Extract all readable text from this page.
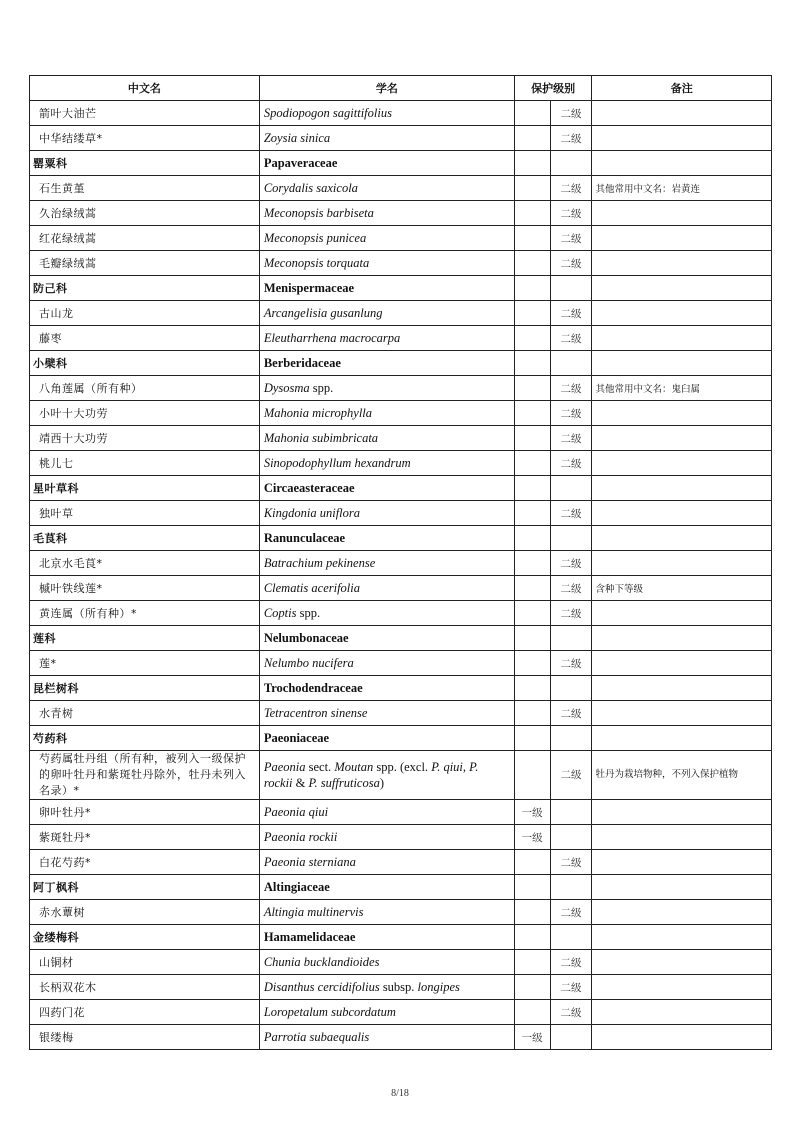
中文名	学名	保护级别		备注
箭叶大油芒	Spodiopogon sagittifolius		二级	
中华结缕草*	Zoysia sinica		二级	
罂粟科	Papaveraceae			
石生黄堇	Corydalis saxicola		二级	其他常用中文名：岩黄连
久治绿绒蒿	Meconopsis barbiseta		二级	
红花绿绒蒿	Meconopsis punicea		二级	
毛瓣绿绒蒿	Meconopsis torquata		二级	
防己科	Menispermaceae			
古山龙	Arcangelisia gusanlung		二级	
藤枣	Eleutharrhena macrocarpa		二级	
小檗科	Berberidaceae			
八角莲属（所有种）	Dysosma spp.		二级	其他常用中文名：鬼臼属
小叶十大功劳	Mahonia microphylla		二级	
靖西十大功劳	Mahonia subimbricata		二级	
桃儿七	Sinopodophyllum hexandrum		二级	
星叶草科	Circaeasteraceae			
独叶草	Kingdonia uniflora		二级	
毛茛科	Ranunculaceae			
北京水毛茛*	Batrachium pekinense		二级	
槭叶铁线莲*	Clematis acerifolia		二级	含种下等级
黄连属（所有种）*	Coptis spp.		二级	
莲科	Nelumbonaceae			
莲*	Nelumbo nucifera		二级	
昆栏树科	Trochodendraceae			
水青树	Tetracentron sinense		二级	
芍药科	Paeoniaceae			
芍药属牡丹组（所有种，被列入一级保护的卵叶牡丹和紫斑牡丹除外，牡丹未列入名录）*	Paeonia sect. Moutan spp. (excl. P. qiui, P. rockii & P. suffruticosa)		二级	牡丹为栽培物种，不列入保护植物
卵叶牡丹*	Paeonia qiui	一级		
紫斑牡丹*	Paeonia rockii	一级		
白花芍药*	Paeonia sterniana		二级	
阿丁枫科	Altingiaceae			
赤水蕈树	Altingia multinervis		二级	
金缕梅科	Hamamelidaceae			
山铜材	Chunia bucklandioides		二级	
长柄双花木	Disanthus cercidifolius subsp. longipes		二级	
四药门花	Loropetalum subcordatum		二级	
银缕梅	Parrotia subaequalis	一级		
8/18
